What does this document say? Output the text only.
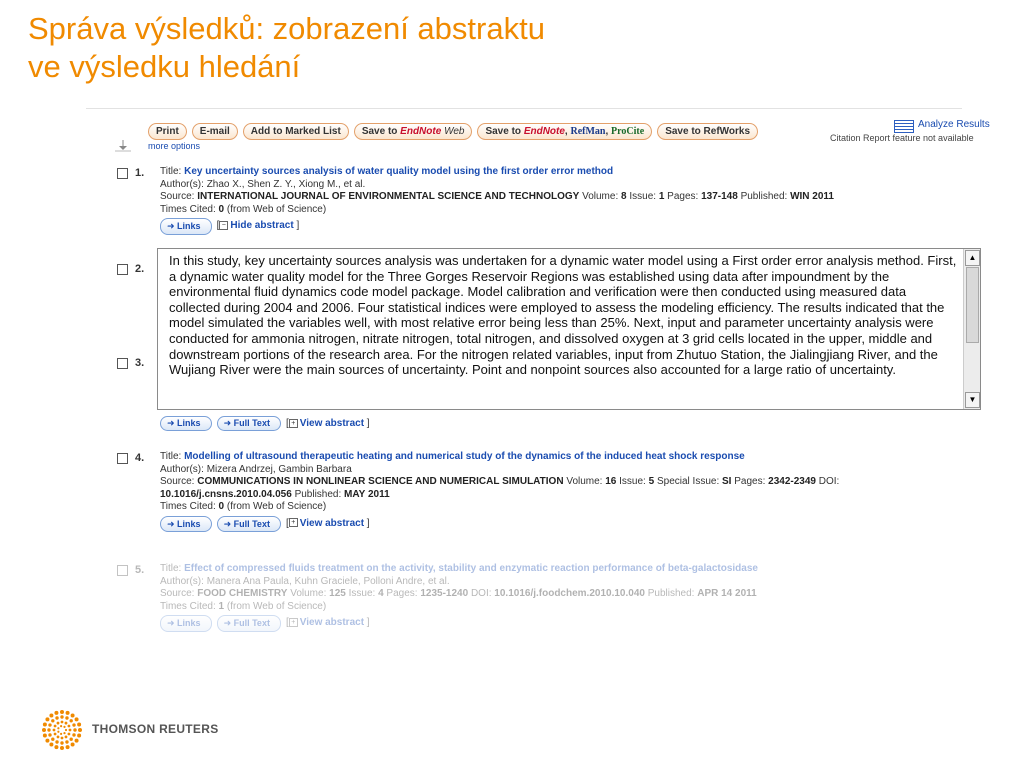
Správa výsledků: zobrazení abstraktu
ve výsledku hledání
Print	E-mail	Add to Marked List	Save to EndNote Web	Save to EndNote, RefMan, ProCite	Save to RefWorks
more options
Analyze Results
Citation Report feature not available
1. Title: Key uncertainty sources analysis of water quality model using the first order error method
Author(s): Zhao X., Shen Z. Y., Xiong M., et al.
Source: INTERNATIONAL JOURNAL OF ENVIRONMENTAL SCIENCE AND TECHNOLOGY Volume: 8 Issue: 1 Pages: 137-148 Published: WIN 2011
Times Cited: 0 (from Web of Science)
➜ Links	[ − Hide abstract ]
2.
3.
➜ Links	➜ Full Text	[ + View abstract ]
In this study, key uncertainty sources analysis was undertaken for a dynamic water model using a First order error analysis method. First, a dynamic water quality model for the Three Gorges Reservoir Regions was established using data after impoundment by the environmental fluid dynamics code model package. Model calibration and verification were then conducted using measured data collected during 2004 and 2006. Four statistical indices were employed to assess the modeling efficiency. The results indicated that the model simulated the variables well, with most relative error being less than 25%. Next, input and parameter uncertainty analysis were conducted for ammonia nitrogen, nitrate nitrogen, total nitrogen, and dissolved oxygen at 3 grid cells located in the upper, middle and downstream portions of the research area. For the nitrogen related variables, input from Zhutuo Station, the Jialingjiang River, and the Wujiang River were the main sources of uncertainty. Point and nonpoint sources also accounted for a large ratio of uncertainty.
▲
▼
4. Title: Modelling of ultrasound therapeutic heating and numerical study of the dynamics of the induced heat shock response
Author(s): Mizera Andrzej, Gambin Barbara
Source: COMMUNICATIONS IN NONLINEAR SCIENCE AND NUMERICAL SIMULATION Volume: 16 Issue: 5 Special Issue: SI Pages: 2342-2349 DOI:
10.1016/j.cnsns.2010.04.056 Published: MAY 2011
Times Cited: 0 (from Web of Science)
➜ Links	➜ Full Text	[ + View abstract ]
5. Title: Effect of compressed fluids treatment on the activity, stability and enzymatic reaction performance of beta-galactosidase
Author(s): Manera Ana Paula, Kuhn Graciele, Polloni Andre, et al.
Source: FOOD CHEMISTRY Volume: 125 Issue: 4 Pages: 1235-1240 DOI: 10.1016/j.foodchem.2010.10.040 Published: APR 14 2011
Times Cited: 1 (from Web of Science)
➜ Links	➜ Full Text	[ + View abstract ]
THOMSON REUTERS
